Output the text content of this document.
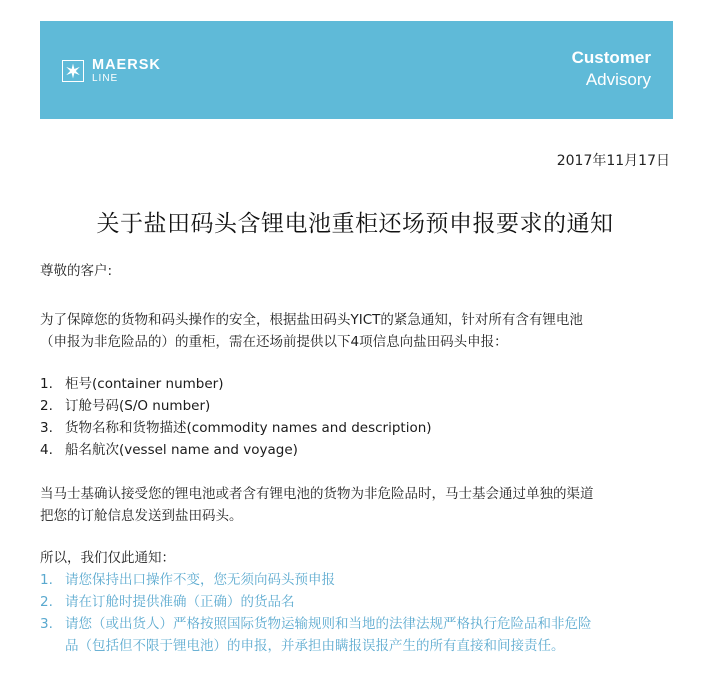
MAERSK
LINE
Customer
Advisory
2017年11月17日
关于盐田码头含锂电池重柜还场预申报要求的通知
尊敬的客户:
为了保障您的货物和码头操作的安全，根据盐田码头YICT的紧急通知，针对所有含有锂电池
（申报为非危险品的）的重柜，需在还场前提供以下4项信息向盐田码头申报：
1. 柜号(container number)
2. 订舱号码(S/O number)
3. 货物名称和货物描述(commodity names and description)
4. 船名航次(vessel name and voyage)
当马士基确认接受您的锂电池或者含有锂电池的货物为非危险品时，马士基会通过单独的渠道
把您的订舱信息发送到盐田码头。
所以，我们仅此通知：
1. 请您保持出口操作不变，您无须向码头预申报
2. 请在订舱时提供准确（正确）的货品名
3. 请您（或出货人）严格按照国际货物运输规则和当地的法律法规严格执行危险品和非危险
品（包括但不限于锂电池）的申报，并承担由瞒报误报产生的所有直接和间接责任。
